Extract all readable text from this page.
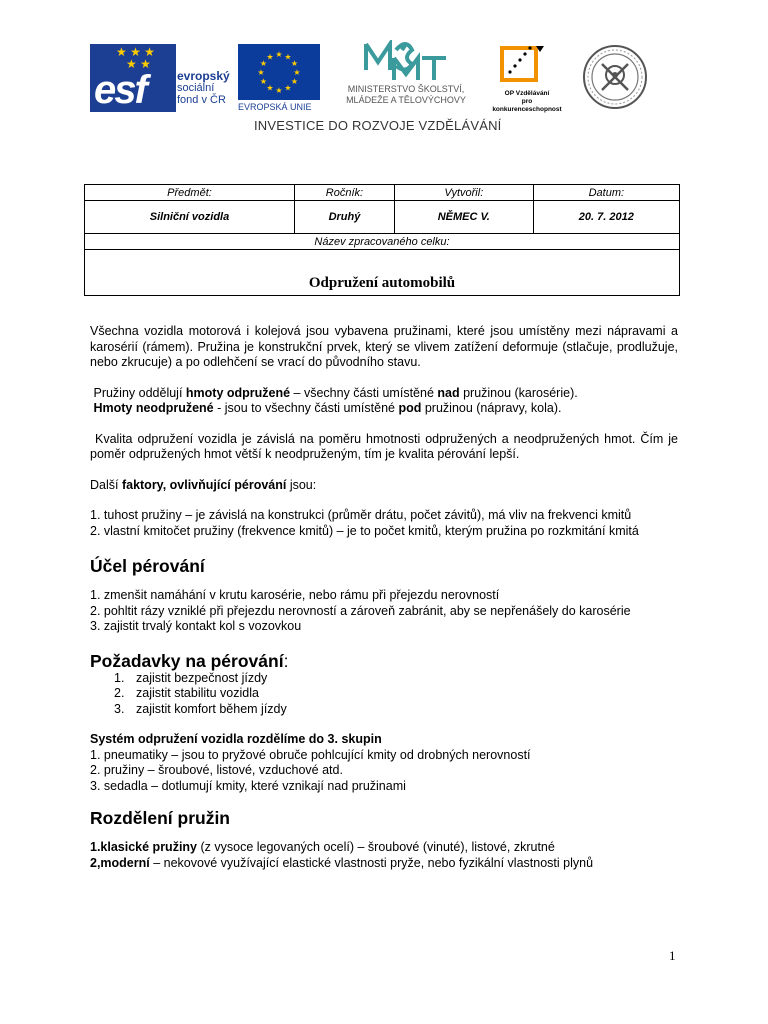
★ ★ ★
★ ★
esf	evropský
sociální
fond v ČR
★ ★
★
★
★
★
★
★
★
★
★
★
EVROPSKÁ UNIE
MINISTERSTVO ŠKOLSTVÍ,
MLÁDEŽE A TĚLOVÝCHOVY
OP Vzdělávání
pro konkurenceschopnost
INVESTICE DO ROZVOJE VZDĚLÁVÁNÍ
Předmět:	Ročník:	Vytvořil:	Datum:
Silniční vozidla	Druhý	NĚMEC V.	20. 7. 2012
Název zpracovaného celku:			
Odpružení automobilů			

Všechna vozidla motorová i kolejová jsou vybavena pružinami, které jsou umístěny mezi nápravami a karosérií (rámem). Pružina je konstrukční prvek, který se vlivem zatížení deformuje (stlačuje, prodlužuje, nebo zkrucuje) a po odlehčení se vrací do původního stavu.

Pružiny oddělují hmoty odpružené – všechny části umístěné nad pružinou (karosérie).

Hmoty neodpružené - jsou to všechny části umístěné pod pružinou (nápravy, kola).

Kvalita odpružení vozidla je závislá na poměru hmotnosti odpružených a neodpružených hmot. Čím je poměr odpružených hmot větší k neodpruženým, tím je kvalita pérování lepší.

Další faktory, ovlivňující pérování jsou:

1. tuhost pružiny – je závislá na konstrukci (průměr drátu, počet závitů), má vliv na frekvenci kmitů

2. vlastní kmitočet pružiny (frekvence kmitů) – je to počet kmitů, kterým pružina po rozkmitání kmitá

Účel pérování

1. zmenšit namáhání v krutu karosérie, nebo rámu při přejezdu nerovností

2. pohltit rázy vzniklé při přejezdu nerovností a zároveň zabránit, aby se nepřenášely do karosérie

3. zajistit trvalý kontakt kol s vozovkou

Požadavky na pérování:

1. zajistit bezpečnost jízdy
2. zajistit stabilitu vozidla
3. zajistit komfort během jízdy

Systém odpružení vozidla rozdělíme do 3. skupin

1. pneumatiky – jsou to pryžové obruče pohlcující kmity od drobných nerovností

2. pružiny – šroubové, listové, vzduchové atd.

3. sedadla – dotlumují kmity, které vznikají nad pružinami

Rozdělení pružin

1.klasické pružiny (z vysoce legovaných ocelí) – šroubové (vinuté), listové, zkrutné

2,moderní – nekovové využívající elastické vlastnosti pryže, nebo fyzikální vlastnosti plynů

1
